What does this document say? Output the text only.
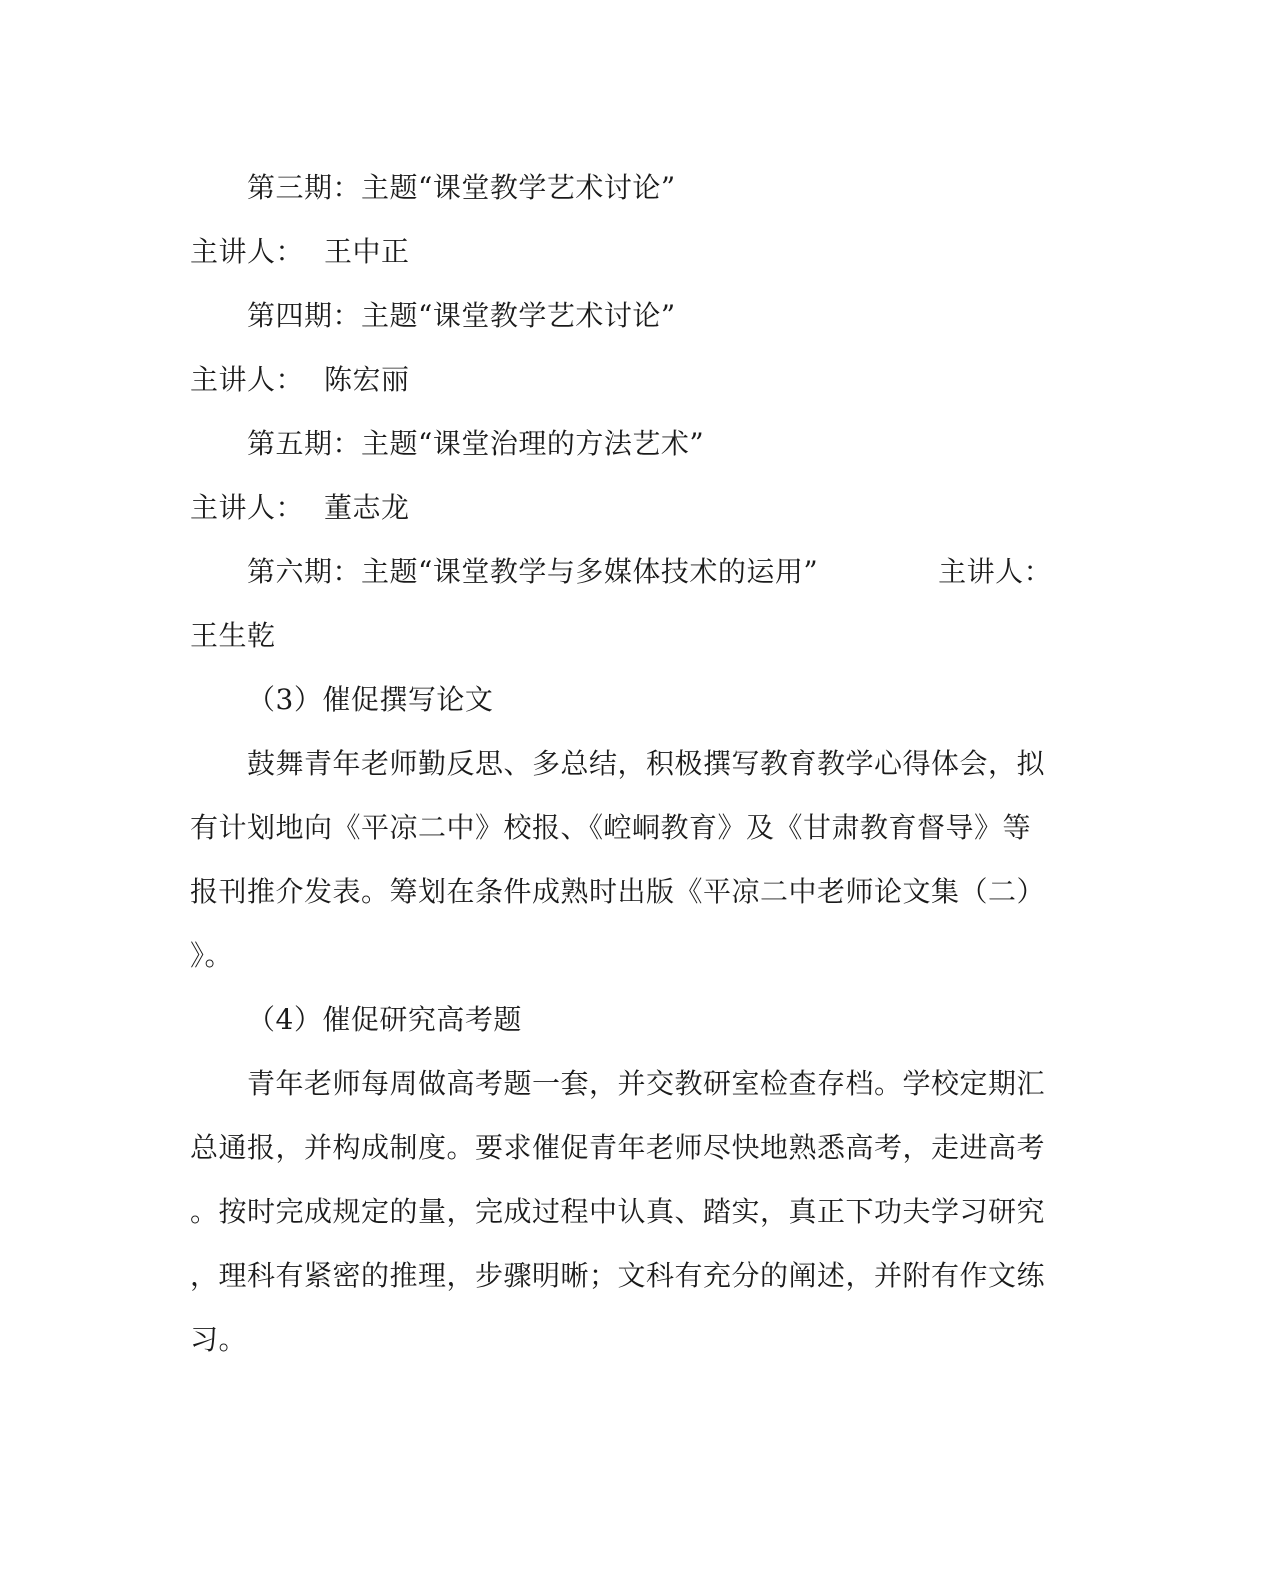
第三期：主题“课堂教学艺术讨论”
主讲人： 王中正
第四期：主题“课堂教学艺术讨论”
主讲人： 陈宏丽
第五期：主题“课堂治理的方法艺术”
主讲人： 董志龙
第六期：主题“课堂教学与多媒体技术的运用”	主讲人：
王生乾
（3）催促撰写论文
鼓舞青年老师勤反思、多总结，积极撰写教育教学心得体会，拟
有计划地向《平凉二中》校报、《崆峒教育》及《甘肃教育督导》等
报刊推介发表。筹划在条件成熟时出版《平凉二中老师论文集（二）
》。
（4）催促研究高考题
青年老师每周做高考题一套，并交教研室检查存档。学校定期汇
总通报，并构成制度。要求催促青年老师尽快地熟悉高考，走进高考
。按时完成规定的量，完成过程中认真、踏实，真正下功夫学习研究
，理科有紧密的推理，步骤明晰；文科有充分的阐述，并附有作文练
习。
